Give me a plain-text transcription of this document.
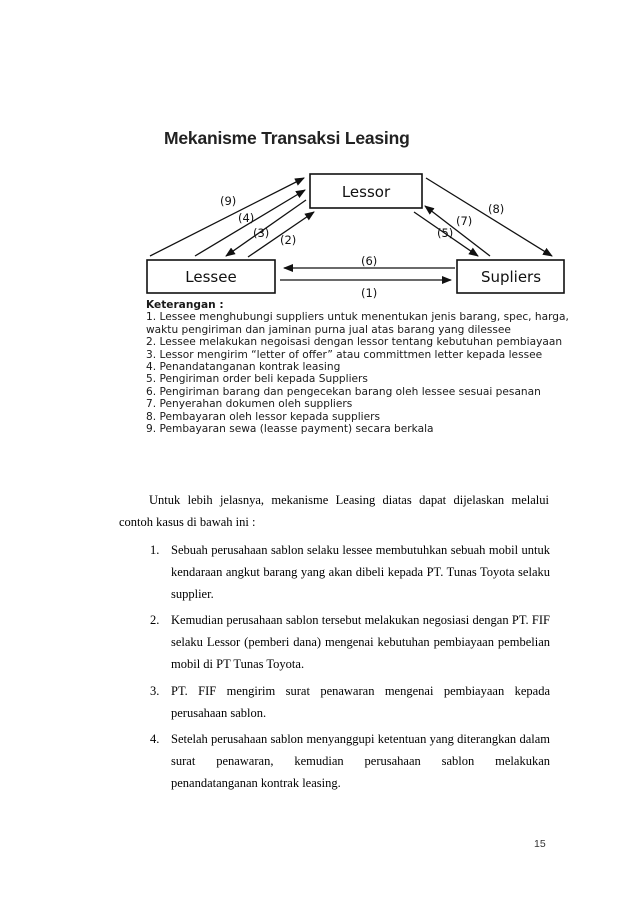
Mekanisme Transaksi Leasing
Lessor
Lessee	Supliers
(9)
(4)
(3) (2)
(7)
(5)
(8)
(6)
(1)
Keterangan :
1. Lessee menghubungi suppliers untuk menentukan jenis barang, spec, harga,
waktu pengiriman dan jaminan purna jual atas barang yang dilessee
2. Lessee melakukan negoisasi dengan lessor tentang kebutuhan pembiayaan
3. Lessor mengirim “letter of offer” atau committmen letter kepada lessee
4. Penandatanganan kontrak leasing
5. Pengiriman order beli kepada Suppliers
6. Pengiriman barang dan pengecekan barang oleh lessee sesuai pesanan
7. Penyerahan dokumen oleh suppliers
8. Pembayaran oleh lessor kepada suppliers
9. Pembayaran sewa (leasse payment) secara berkala
Untuk lebih jelasnya, mekanisme Leasing diatas dapat dijelaskan melalui contoh kasus di bawah ini :
1. Sebuah perusahaan sablon selaku lessee membutuhkan sebuah mobil untuk kendaraan angkut barang yang akan dibeli kepada PT. Tunas Toyota selaku supplier.
2. Kemudian perusahaan sablon tersebut melakukan negosiasi dengan PT. FIF selaku Lessor (pemberi dana) mengenai kebutuhan pembiayaan pembelian mobil di PT Tunas Toyota.
3. PT. FIF mengirim surat penawaran mengenai pembiayaan kepada perusahaan sablon.
4. Setelah perusahaan sablon menyanggupi ketentuan yang diterangkan dalam surat penawaran, kemudian perusahaan sablon melakukan penandatanganan kontrak leasing.
15
